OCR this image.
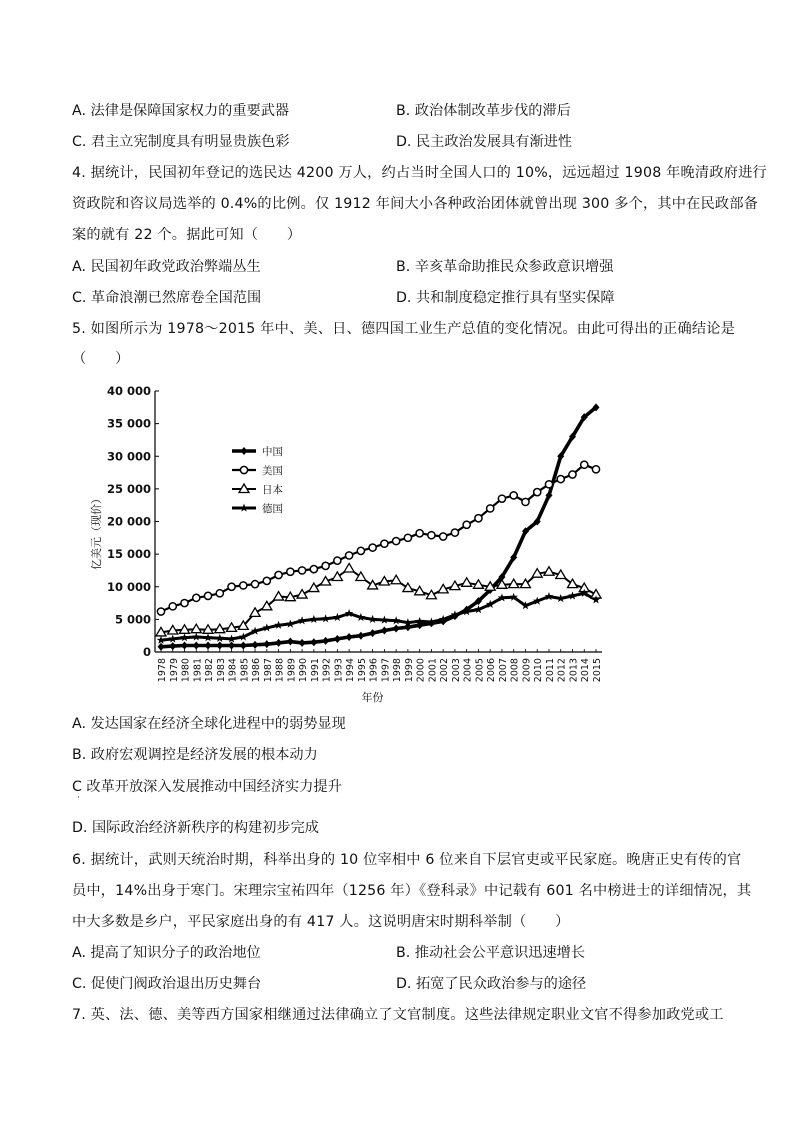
A. 法律是保障国家权力的重要武器	B. 政治体制改革步伐的滞后
C. 君主立宪制度具有明显贵族色彩	D. 民主政治发展具有渐进性
4. 据统计，民国初年登记的选民达 4200 万人，约占当时全国人口的 10%，远远超过 1908 年晚清政府进行
资政院和咨议局选举的 0.4%的比例。仅 1912 年间大小各种政治团体就曾出现 300 多个，其中在民政部备
案的就有 22 个。据此可知（　　）
A. 民国初年政党政治弊端丛生	B. 辛亥革命助推民众参政意识增强
C. 革命浪潮已然席卷全国范围	D. 共和制度稳定推行具有坚实保障
5. 如图所示为 1978～2015 年中、美、日、德四国工业生产总值的变化情况。由此可得出的正确结论是
（　　）
0
5 000
10 000
15 000
20 000
25 000
30 000
35 000
40 000
1978 1979 1980 1981 1982 1983 1984 1985 1986 1987 1988 1989 1990 1991 1992 1993 1994 1995 1996 1997 1998 1999 2000 2001 2002 2003 2004 2005 2006 2007 2008 2009 2010 2011 2012 2013 2014 2015
亿美元（现价）
年份
中国
美国
日本
德国
A. 发达国家在经济全球化进程中的弱势显现
B. 政府宏观调控是经济发展的根本动力
C 改革开放深入发展推动中国经济实力提升
·
D. 国际政治经济新秩序的构建初步完成
6. 据统计，武则天统治时期，科举出身的 10 位宰相中 6 位来自下层官吏或平民家庭。晚唐正史有传的官
员中，14%出身于寒门。宋理宗宝祐四年（1256 年）《登科录》中记载有 601 名中榜进士的详细情况，其
中大多数是乡户，平民家庭出身的有 417 人。这说明唐宋时期科举制（　　）
A. 提高了知识分子的政治地位	B. 推动社会公平意识迅速增长
C. 促使门阀政治退出历史舞台	D. 拓宽了民众政治参与的途径
7. 英、法、德、美等西方国家相继通过法律确立了文官制度。这些法律规定职业文官不得参加政党或工
